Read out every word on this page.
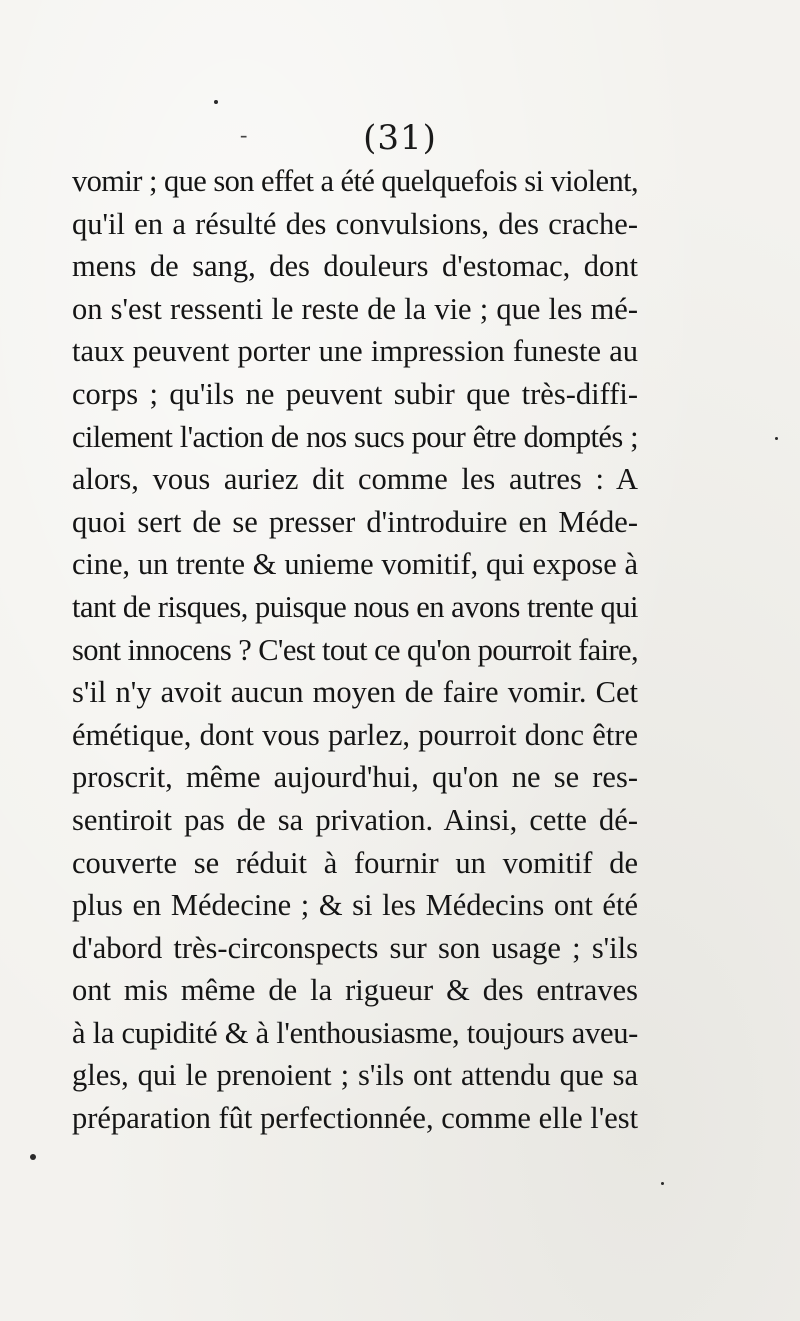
-	(31)
vomir ; que son effet a été quelquefois si violent,
qu'il en a résulté des convulsions, des crache-
mens de sang, des douleurs d'estomac, dont
on s'est ressenti le reste de la vie ; que les mé-
taux peuvent porter une impression funeste au
corps ; qu'ils ne peuvent subir que très-diffi-
cilement l'action de nos sucs pour être domptés ;
alors, vous auriez dit comme les autres : A
quoi sert de se presser d'introduire en Méde-
cine, un trente & unieme vomitif, qui expose à
tant de risques, puisque nous en avons trente qui
sont innocens ? C'est tout ce qu'on pourroit faire,
s'il n'y avoit aucun moyen de faire vomir. Cet
émétique, dont vous parlez, pourroit donc être
proscrit, même aujourd'hui, qu'on ne se res-
sentiroit pas de sa privation. Ainsi, cette dé-
couverte se réduit à fournir un vomitif de
plus en Médecine ; & si les Médecins ont été
d'abord très-circonspects sur son usage ; s'ils
ont mis même de la rigueur & des entraves
à la cupidité & à l'enthousiasme, toujours aveu-
gles, qui le prenoient ; s'ils ont attendu que sa
préparation fût perfectionnée, comme elle l'est
